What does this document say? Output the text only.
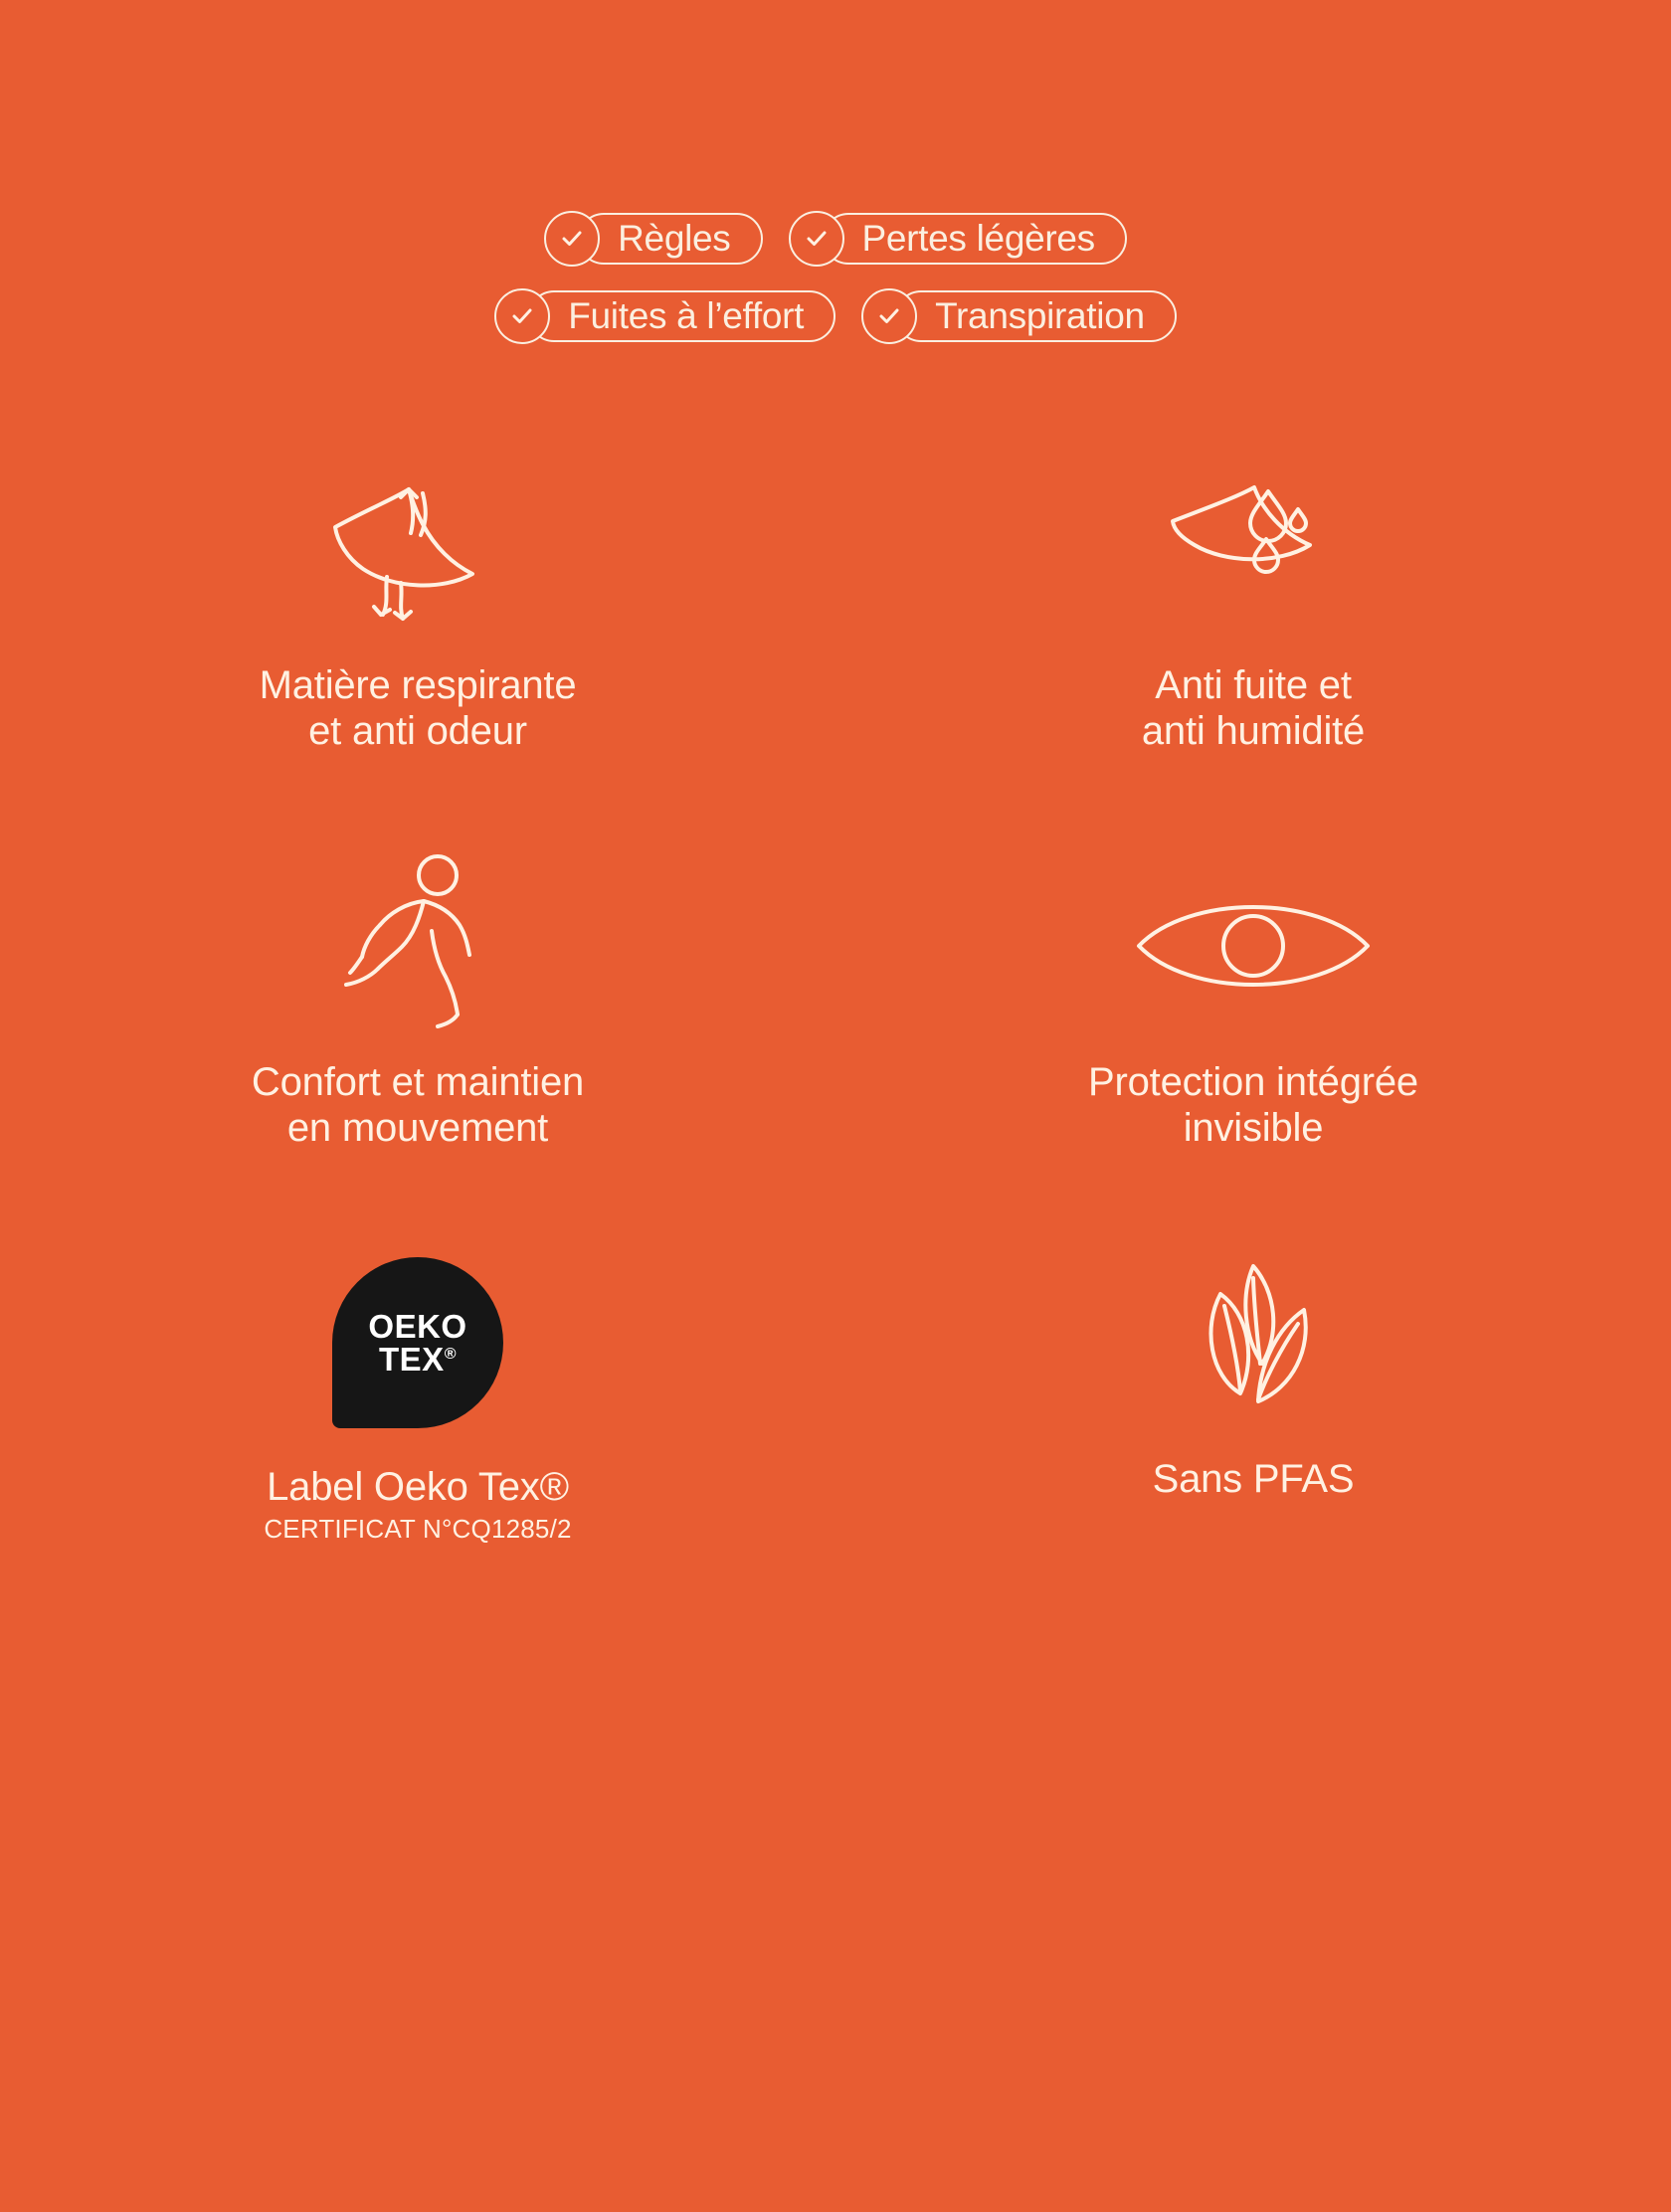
Règles	Pertes légères
Fuites à l’effort	Transpiration
Matière respirante
et anti odeur
Anti fuite et
anti humidité
Confort et maintien
en mouvement
Protection intégrée
invisible
OEKO
TEX®
Label Oeko Tex®
CERTIFICAT N°CQ1285/2
Sans PFAS
